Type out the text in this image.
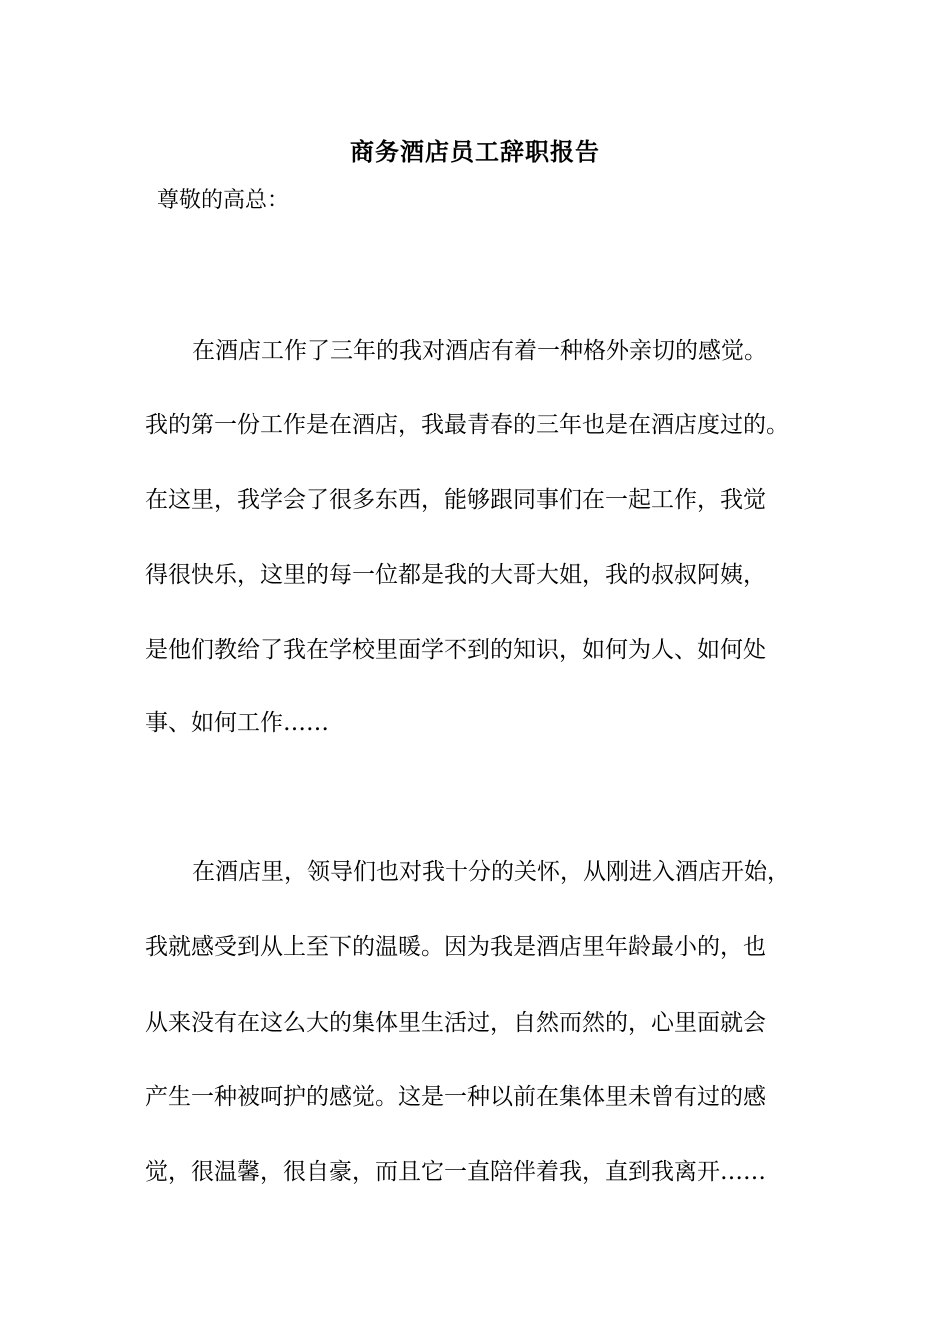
商务酒店员工辞职报告
尊敬的高总：
在酒店工作了三年的我对酒店有着一种格外亲切的感觉。
我的第一份工作是在酒店，我最青春的三年也是在酒店度过的。
在这里，我学会了很多东西，能够跟同事们在一起工作，我觉
得很快乐，这里的每一位都是我的大哥大姐，我的叔叔阿姨，
是他们教给了我在学校里面学不到的知识，如何为人、如何处
事、如何工作……
在酒店里，领导们也对我十分的关怀，从刚进入酒店开始，
我就感受到从上至下的温暖。因为我是酒店里年龄最小的，也
从来没有在这么大的集体里生活过，自然而然的，心里面就会
产生一种被呵护的感觉。这是一种以前在集体里未曾有过的感
觉，很温馨，很自豪，而且它一直陪伴着我，直到我离开……
